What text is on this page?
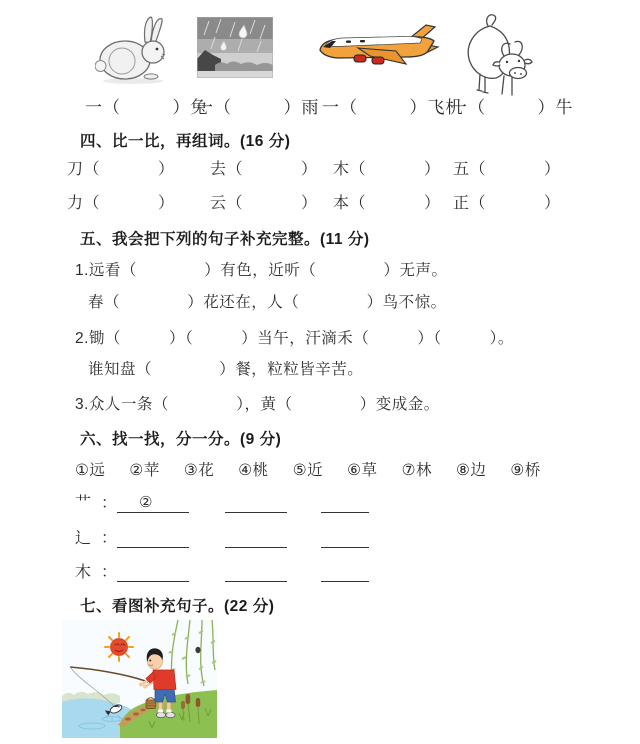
一（         ）兔
一（         ）雨 一（         ）飞机
一（         ）牛
四、比一比，再组词。(16 分)
刀（	） 去（	） 木（	） 五（	）
力（	） 云（	） 本（	） 正（	）
五、我会把下列的句子补充完整。(11 分)
1.远看（              ）有色，近听（              ）无声。
春（              ）花还在，人（              ）鸟不惊。
2.锄（          ）（          ）当午，汗滴禾（          ）（          ）。
谁知盘（              ）餐，粒粒皆辛苦。
3.众人一条（              ），黄（              ）变成金。
六、找一找，分一分。(9 分)
①远     ②苹     ③花     ④桃     ⑤近     ⑥草     ⑦林     ⑧边     ⑨桥
艹 ：	②
辶 ：
木 ：
七、看图补充句子。(22 分)
